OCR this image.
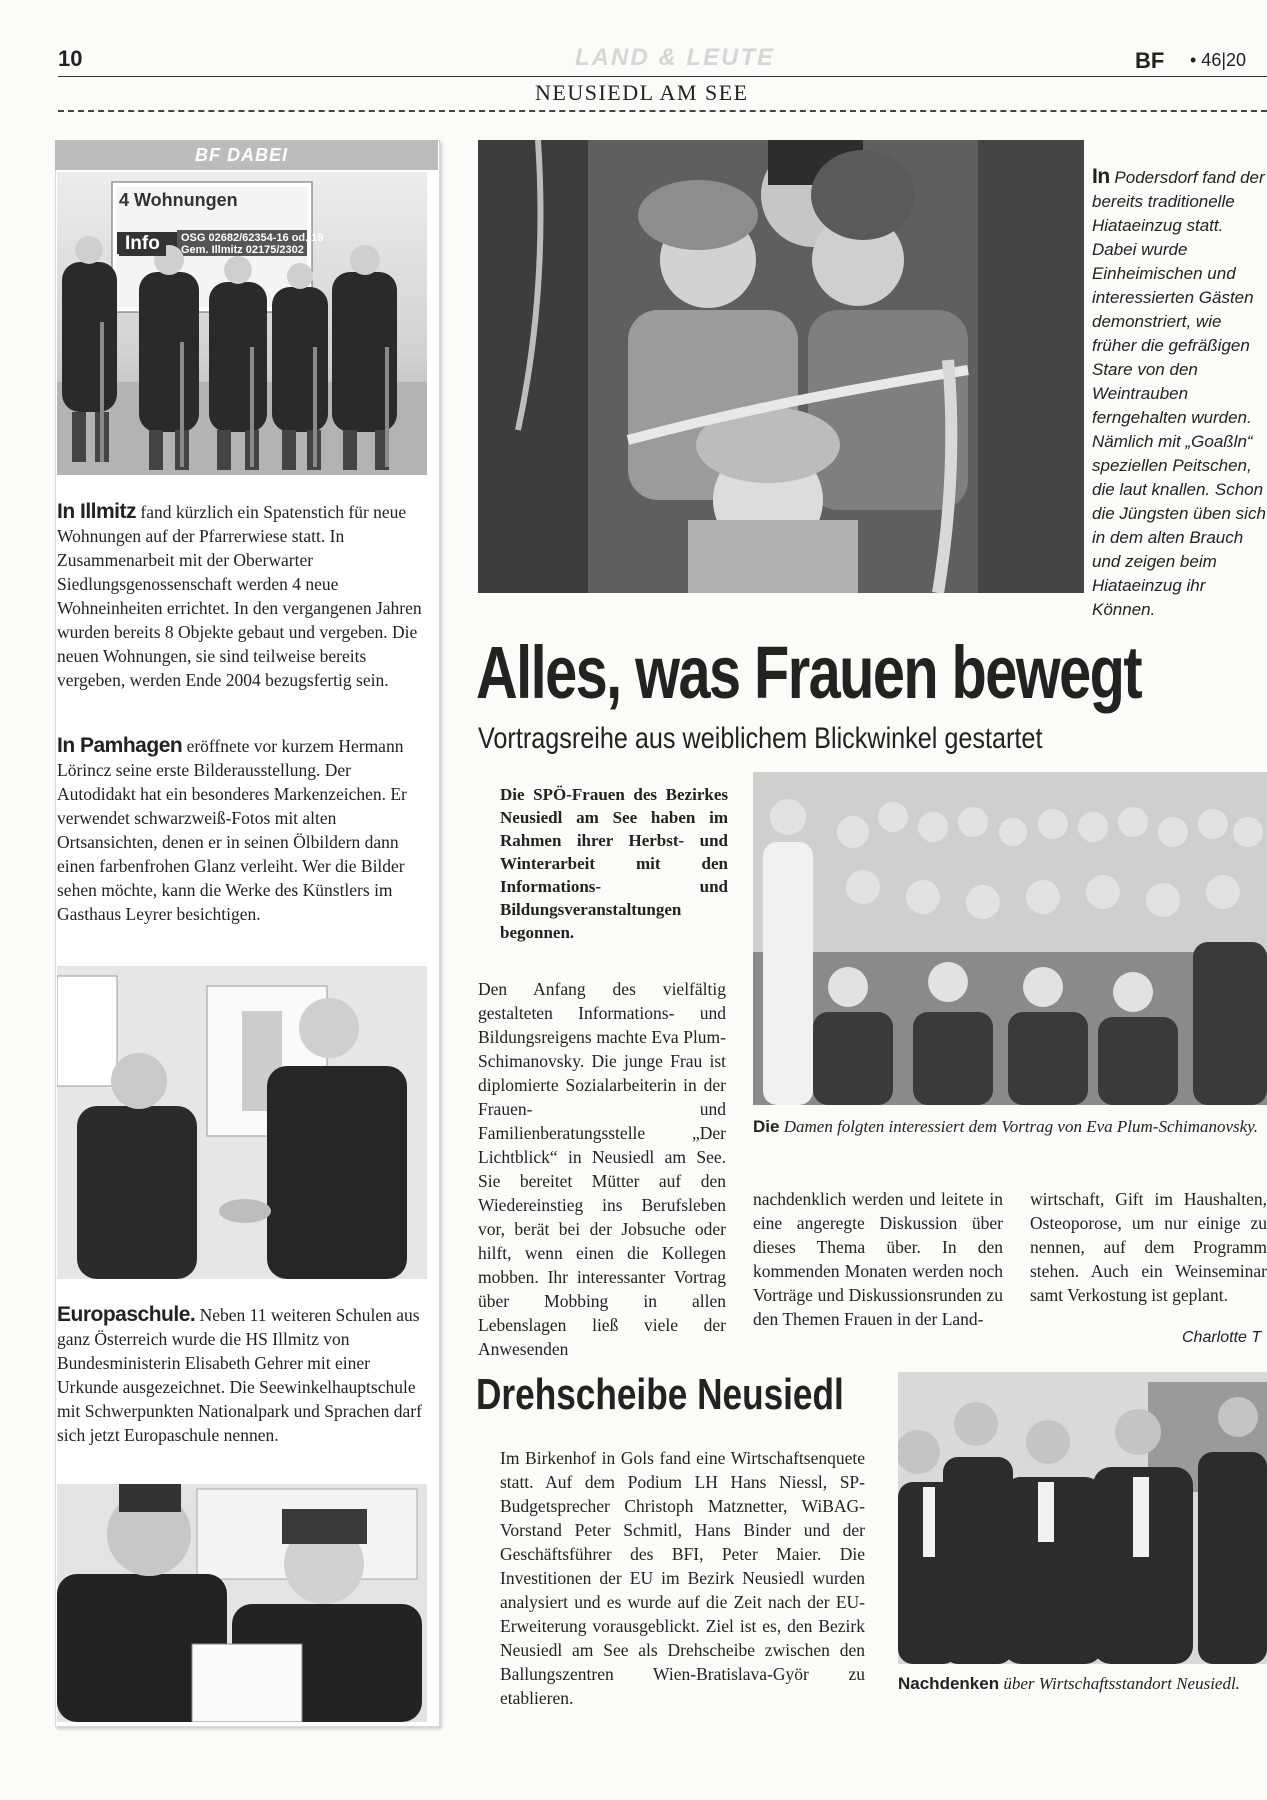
10	LAND & LEUTE	BF • 46|20
NEUSIEDL AM SEE
BF DABEI
4 Wohnungen
Info	OSG 02682/62354-16 od. 19
Gem. Illmitz 02175/2302

In Illmitz fand kürzlich ein Spatenstich für neue Wohnungen auf der Pfarrerwiese statt. In Zusammenarbeit mit der Oberwarter Siedlungsgenossenschaft werden 4 neue Wohneinheiten errichtet. In den vergangenen Jahren wurden bereits 8 Objekte gebaut und vergeben. Die neuen Wohnungen, sie sind teilweise bereits vergeben, werden Ende 2004 bezugsfertig sein.

In Pamhagen eröffnete vor kurzem Hermann Lörincz seine erste Bilderausstellung. Der Autodidakt hat ein besonderes Markenzeichen. Er verwendet schwarzweiß-Fotos mit alten Ortsansichten, denen er in seinen Ölbildern dann einen farbenfrohen Glanz verleiht. Wer die Bilder sehen möchte, kann die Werke des Künstlers im Gasthaus Leyrer besichtigen.

Europaschule. Neben 11 weiteren Schulen aus ganz Österreich wurde die HS Illmitz von Bundesministerin Elisabeth Gehrer mit einer Urkunde ausgezeichnet. Die Seewinkelhauptschule mit Schwerpunkten Nationalpark und Sprachen darf sich jetzt Europaschule nennen.

In Podersdorf fand der bereits traditionelle Hiataeinzug statt. Dabei wurde Einheimischen und interessierten Gästen demonstriert, wie früher die gefräßigen Stare von den Weintrauben ferngehalten wurden. Nämlich mit „Goaßln“ speziellen Peitschen, die laut knallen. Schon die Jüngsten üben sich in dem alten Brauch und zeigen beim Hiataeinzug ihr Können.
Alles, was Frauen bewegt
Vortragsreihe aus weiblichem Blickwinkel gestartet
Die SPÖ-Frauen des Bezirkes Neusiedl am See haben im Rahmen ihrer Herbst- und Winterarbeit mit den Informations- und Bildungsveranstaltungen begonnen.
Die Damen folgten interessiert dem Vortrag von Eva Plum-Schimanovsky.

Den Anfang des vielfältig gestalteten Informations- und Bildungsreigens machte Eva Plum-Schimanovsky. Die junge Frau ist diplomierte Sozialarbeiterin in der Frauen- und Familienberatungsstelle „Der Lichtblick“ in Neusiedl am See. Sie bereitet Mütter auf den Wiedereinstieg ins Berufsleben vor, berät bei der Jobsuche oder hilft, wenn einen die Kollegen mobben. Ihr interessanter Vortrag über Mobbing in allen Lebenslagen ließ viele der Anwesenden

nachdenklich werden und leitete in eine angeregte Diskussion über dieses Thema über. In den kommenden Monaten werden noch Vorträge und Diskussionsrunden zu den Themen Frauen in der Land-

wirtschaft, Gift im Haushalten, Osteoporose, um nur einige zu nennen, auf dem Programm stehen. Auch ein Weinseminar samt Verkostung ist geplant.

Charlotte T
Drehscheibe Neusiedl

Im Birkenhof in Gols fand eine Wirtschaftsenquete statt. Auf dem Podium LH Hans Niessl, SP-Budgetsprecher Christoph Matznetter, WiBAG-Vorstand Peter Schmitl, Hans Binder und der Geschäftsführer des BFI, Peter Maier. Die Investitionen der EU im Bezirk Neusiedl wurden analysiert und es wurde auf die Zeit nach der EU-Erweiterung vorausgeblickt. Ziel ist es, den Bezirk Neusiedl am See als Drehscheibe zwischen den Ballungszentren Wien-Bratislava-Györ zu etablieren.

Nachdenken über Wirtschaftsstandort Neusiedl.
